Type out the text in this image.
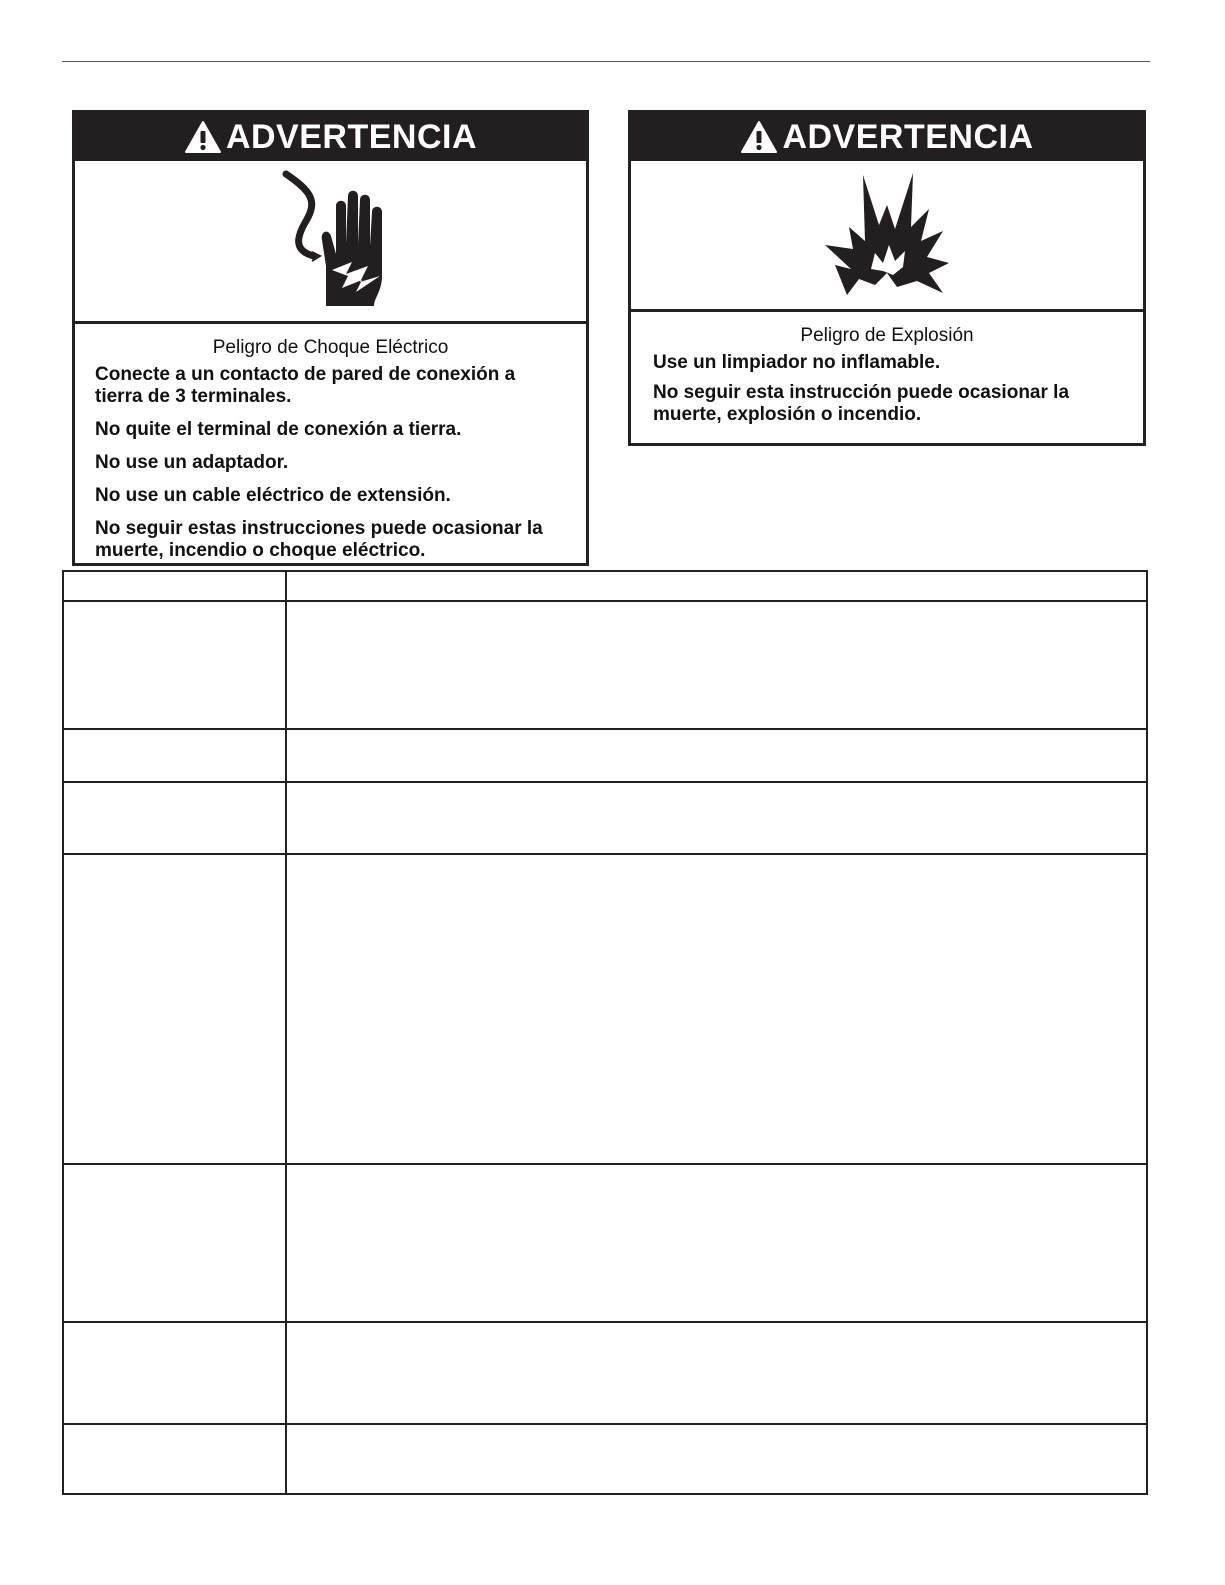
ADVERTENCIA
Peligro de Choque Eléctrico
Conecte a un contacto de pared de conexión a tierra de 3 terminales.
No quite el terminal de conexión a tierra.
No use un adaptador.
No use un cable eléctrico de extensión.
No seguir estas instrucciones puede ocasionar la muerte, incendio o choque eléctrico.
ADVERTENCIA
Peligro de Explosión
Use un limpiador no inflamable.
No seguir esta instrucción puede ocasionar la muerte, explosión o incendio.
